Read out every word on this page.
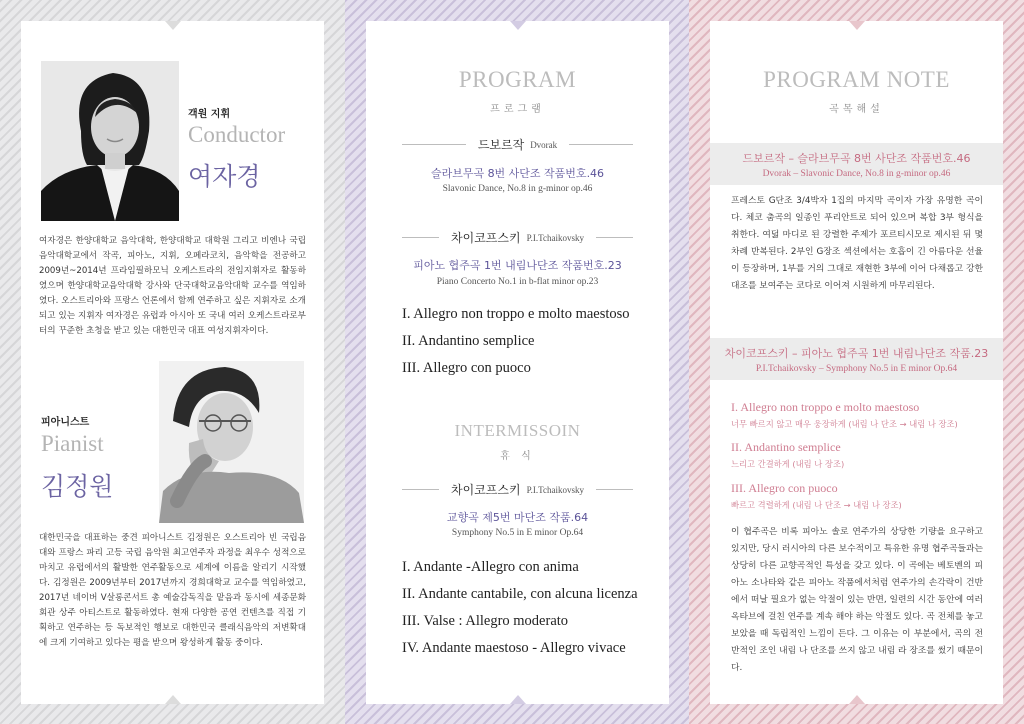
객원 지휘
Conductor
여자경
여자경은 한양대학교 음악대학, 한양대학교 대학원 그리고 비엔나 국립음악대학교에서 작곡, 피아노, 지휘, 오페라코치, 음악학을 전공하고 2009년~2014년 프라임필하모닉 오케스트라의 전임지휘자로 활동하였으며 한양대학교음악대학 강사와 단국대학교음악대학 교수를 역임하였다. 오스트리아와 프랑스 언론에서 함께 연주하고 싶은 지휘자로 소개되고 있는 지휘자 여자경은 유럽과 아시아 또 국내 여러 오케스트라로부터의 꾸준한 초청을 받고 있는 대한민국 대표 여성지휘자이다.
피아니스트
Pianist
김정원
대한민국을 대표하는 중견 피아니스트 김정원은 오스트리아 빈 국립음대와 프랑스 파리 고등 국립 음악원 최고연주자 과정을 최우수 성적으로 마치고 유럽에서의 활발한 연주활동으로 세계에 이름을 알리기 시작했다. 김정원은 2009년부터 2017년까지 경희대학교 교수를 역임하였고, 2017년 네이버 V살롱콘서트 총 예술감독직을 맡음과 동시에 세종문화회관 상주 아티스트로 활동하였다. 현재 다양한 공연 컨텐츠를 직접 기획하고 연주하는 등 독보적인 행보로 대한민국 클래식음악의 저변확대에 크게 기여하고 있다는 평을 받으며 왕성하게 활동 중이다.
PROGRAM
프로그램
드보르작 Dvorak
슬라브무곡 8번 사단조 작품번호.46
Slavonic Dance, No.8 in g-minor op.46
차이코프스키 P.I.Tchaikovsky
피아노 협주곡 1번 내림나단조 작품번호.23
Piano Concerto No.1 in b-flat minor op.23
I. Allegro non troppo e molto maestoso
II. Andantino semplice
III. Allegro con puoco
INTERMISSOIN
휴 식
차이코프스키 P.I.Tchaikovsky
교향곡 제5번 마단조 작품.64
Symphony No.5 in E minor Op.64
I. Andante -Allegro con anima
II. Andante cantabile, con alcuna licenza
III. Valse : Allegro moderato
IV. Andante maestoso - Allegro vivace
PROGRAM NOTE
곡목해설
드보르작 – 슬라브무곡 8번 사단조 작품번호.46
Dvorak – Slavonic Dance, No.8 in g-minor op.46
프레스토 G단조 3/4박자 1집의 마지막 곡이자 가장 유명한 곡이다. 체코 춤곡의 일종인 푸리안트로 되어 있으며 복합 3부 형식을 취한다. 여덟 마디로 된 강렬한 주제가 포르티시모로 제시된 뒤 몇 차례 반복된다. 2부인 G장조 섹션에서는 호흡이 긴 아름다운 선율이 등장하며, 1부를 거의 그대로 재현한 3부에 이어 다채롭고 강한 대조를 보여주는 코다로 이어져 시원하게 마무리된다.
차이코프스키 – 피아노 협주곡 1번 내림나단조 작품.23
P.I.Tchaikovsky – Symphony No.5 in E minor Op.64
I. Allegro non troppo e molto maestoso
너무 빠르지 않고 매우 웅장하게 (내림 나 단조 → 내림 나 장조)
II. Andantino semplice
느리고 간결하게 (내림 나 장조)
III. Allegro con puoco
빠르고 격렬하게 (내림 나 단조 → 내림 나 장조)
이 협주곡은 비록 피아노 솔로 연주가의 상당한 기량을 요구하고 있지만, 당시 러시아의 다른 보수적이고 특유한 유명 협주곡들과는 상당히 다른 교향곡적인 특성을 갖고 있다. 이 곡에는 베토벤의 피아노 소나타와 같은 피아노 작품에서처럼 연주가의 손각락이 건반에서 떠날 필요가 없는 악절이 있는 반면, 일련의 시간 동안에 여러 옥타브에 걸친 연주를 계속 해야 하는 악절도 있다. 곡 전체를 놓고 보았을 때 독립적인 느낌이 든다. 그 이유는 이 부분에서, 곡의 전반적인 조인 내림 나 단조를 쓰지 않고 내림 라 장조를 썼기 때문이다.
